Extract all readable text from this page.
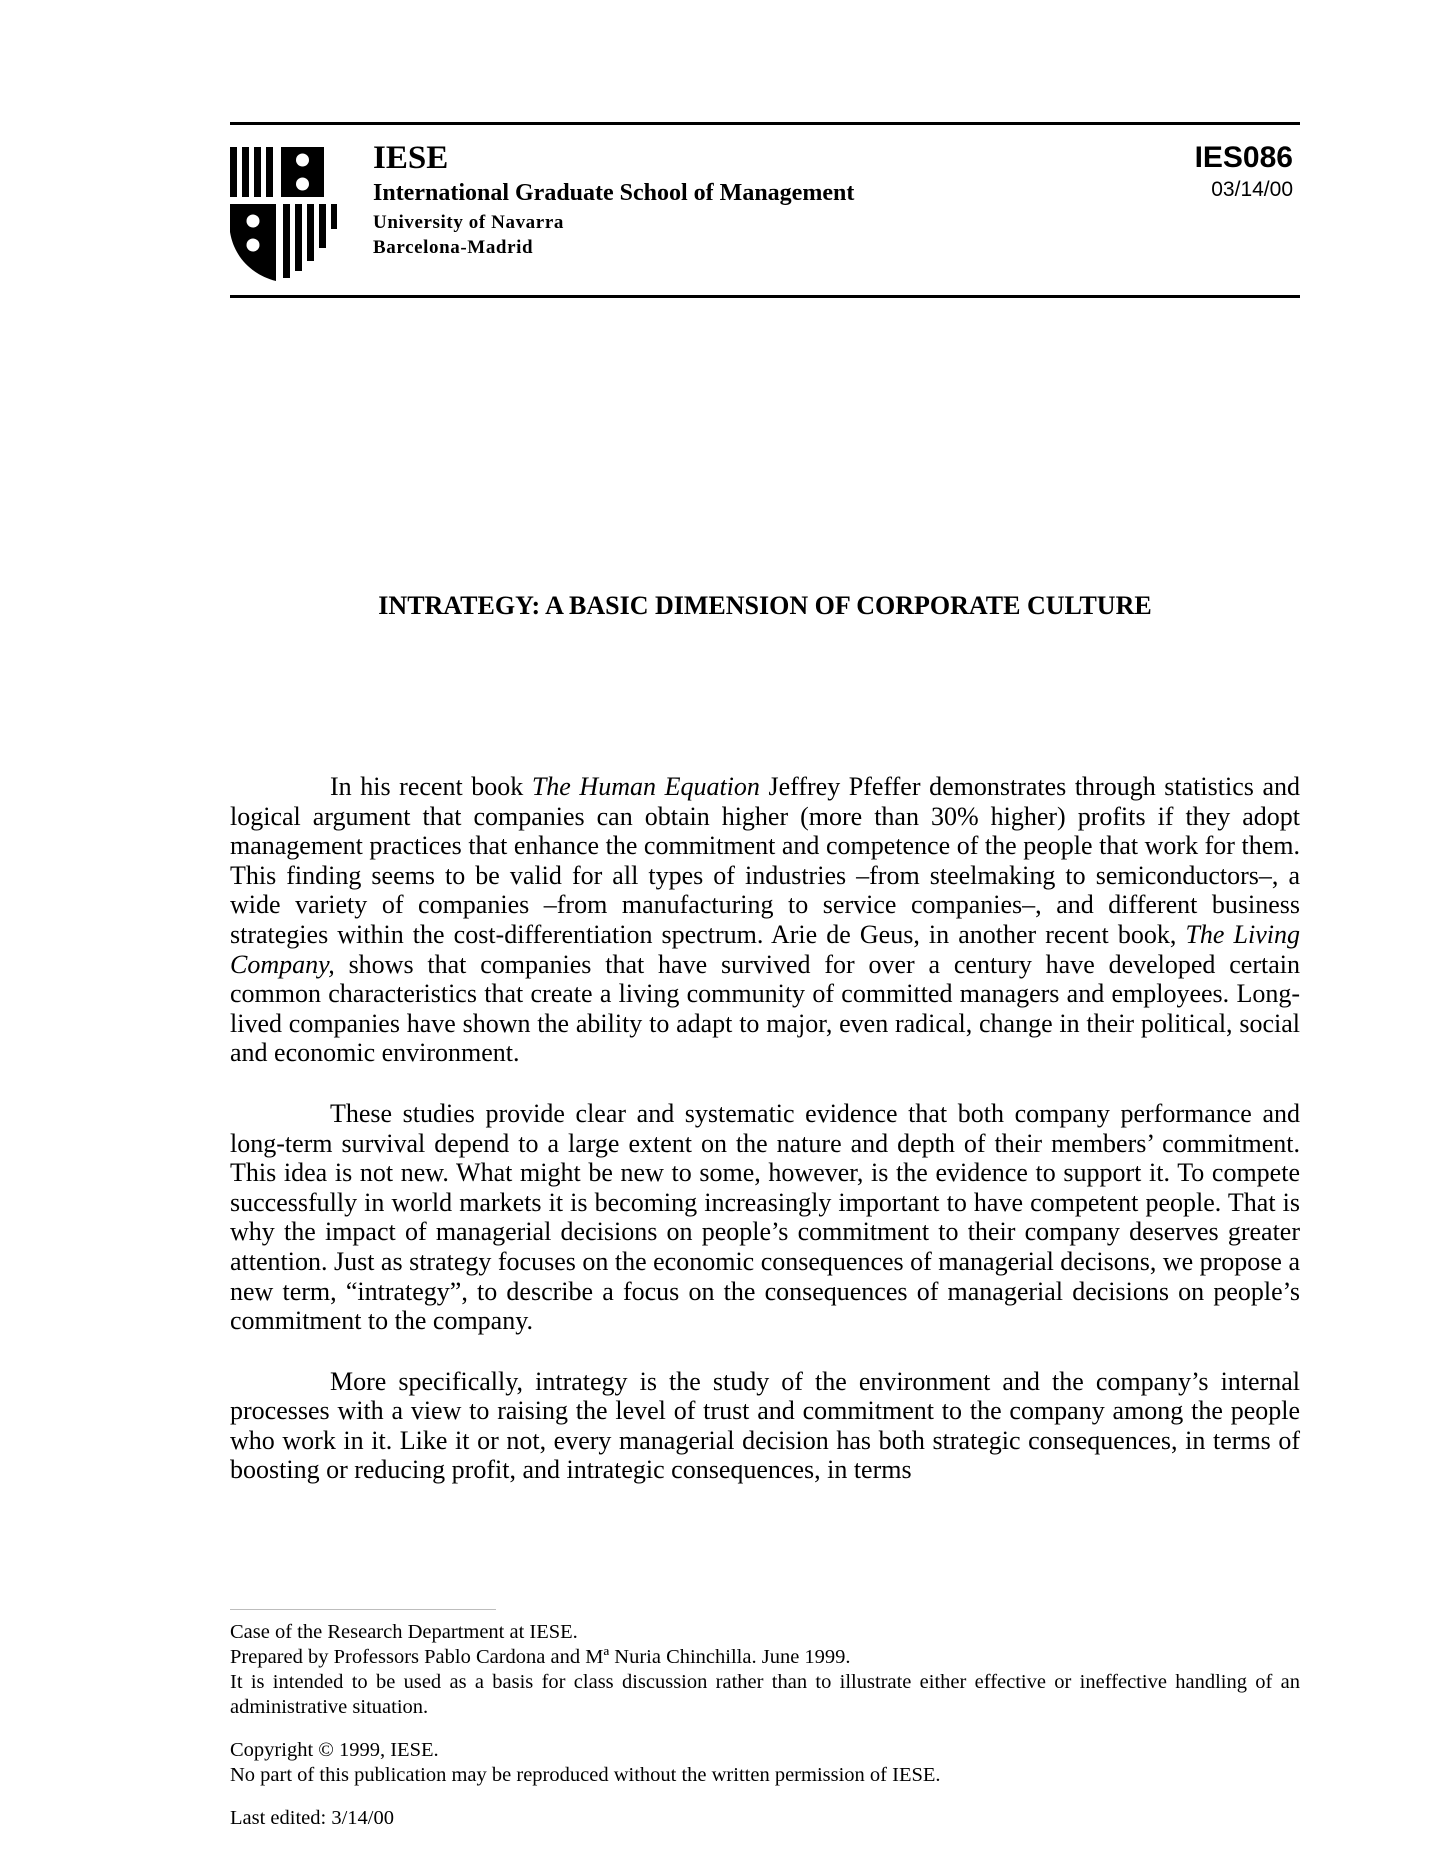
IESE
International Graduate School of Management
University of Navarra
Barcelona-Madrid
IES086
03/14/00
INTRATEGY: A BASIC DIMENSION OF CORPORATE CULTURE

In his recent book The Human Equation Jeffrey Pfeffer demonstrates through statistics and logical argument that companies can obtain higher (more than 30% higher) profits if they adopt management practices that enhance the commitment and competence of the people that work for them. This finding seems to be valid for all types of industries –from steelmaking to semiconductors–, a wide variety of companies –from manufacturing to service companies–, and different business strategies within the cost-differentiation spectrum. Arie de Geus, in another recent book, The Living Company, shows that companies that have survived for over a century have developed certain common characteristics that create a living community of committed managers and employees. Long-lived companies have shown the ability to adapt to major, even radical, change in their political, social and economic environment.

These studies provide clear and systematic evidence that both company performance and long-term survival depend to a large extent on the nature and depth of their members’ commitment. This idea is not new. What might be new to some, however, is the evidence to support it. To compete successfully in world markets it is becoming increasingly important to have competent people. That is why the impact of managerial decisions on people’s commitment to their company deserves greater attention. Just as strategy focuses on the economic consequences of managerial decisons, we propose a new term, “intrategy”, to describe a focus on the consequences of managerial decisions on people’s commitment to the company.

More specifically, intrategy is the study of the environment and the company’s internal processes with a view to raising the level of trust and commitment to the company among the people who work in it. Like it or not, every managerial decision has both strategic consequences, in terms of boosting or reducing profit, and intrategic consequences, in terms

Case of the Research Department at IESE.
Prepared by Professors Pablo Cardona and Mª Nuria Chinchilla. June 1999.
It is intended to be used as a basis for class discussion rather than to illustrate either effective or ineffective handling of an administrative situation.
Copyright © 1999, IESE.
No part of this publication may be reproduced without the written permission of IESE.
Last edited: 3/14/00
